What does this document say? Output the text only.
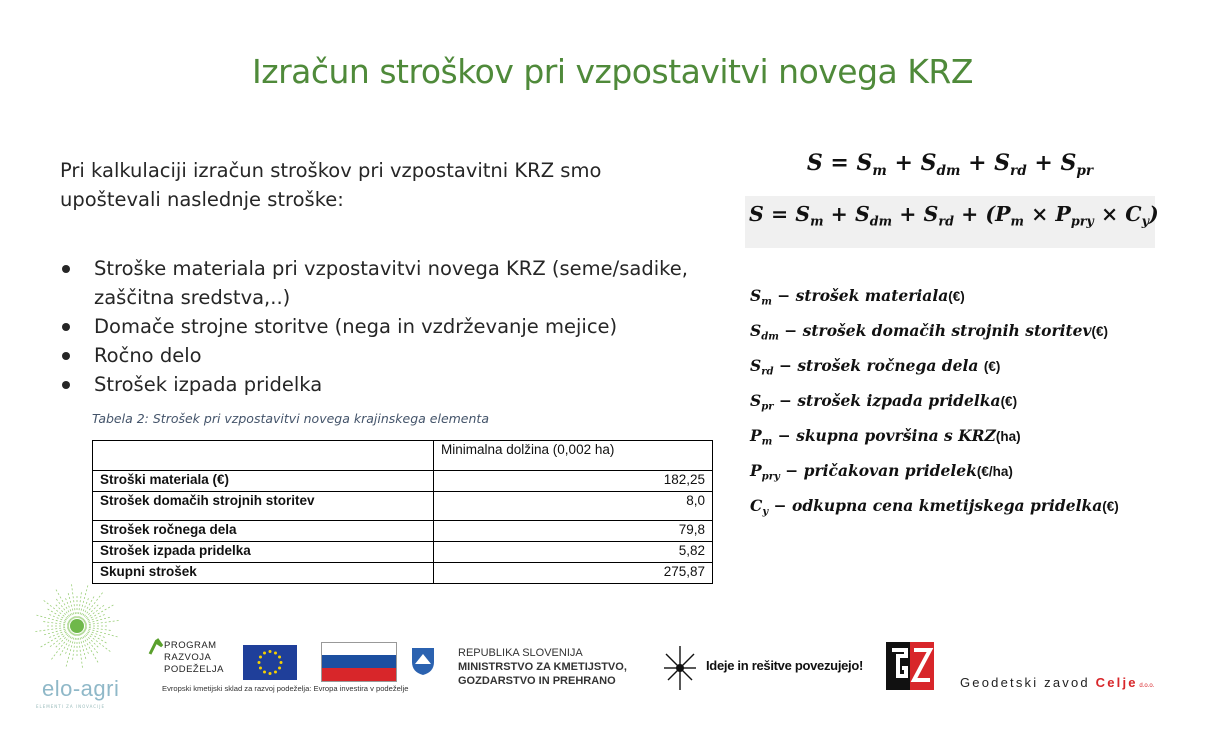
Izračun stroškov pri vzpostavitvi novega KRZ
Pri kalkulaciji izračun stroškov pri vzpostavitni KRZ smo upoštevali naslednje stroške:
Stroške materiala pri vzpostavitvi novega KRZ (seme/sadike, zaščitna sredstva,..)
Domače strojne storitve (nega in vzdrževanje mejice)
Ročno delo
Strošek izpada pridelka
Tabela 2: Strošek pri vzpostavitvi novega krajinskega elementa
	Minimalna dolžina (0,002 ha)
Stroški materiala (€)	182,25
Strošek domačih strojnih storitev	8,0
Strošek ročnega dela	79,8
Strošek izpada pridelka	5,82
Skupni strošek	275,87
$S = S_m + S_{dm} + S_{rd} + S_{pr}$
$S = S_m + S_{dm} + S_{rd} + (P_m \times P_{pry} \times C_y)$
$S_m$ − strošek materiala(€)
$S_{dm}$ − strošek domačih strojnih storitev(€)
$S_{rd}$ − strošek ročnega dela (€)
$S_{pr}$ − strošek izpada pridelka(€)
$P_m$ − skupna površina s KRZ(ha)
$P_{pry}$ − pričakovan pridelek(€/ha)
$C_y$ − odkupna cena kmetijskega pridelka(€)
elo-agri
ELEMENTI ZA INOVACIJE
PROGRAM
RAZVOJA
PODEŽELJA
Evropski kmetijski sklad za razvoj podeželja: Evropa investira v podeželje
REPUBLIKA SLOVENIJA
MINISTRSTVO ZA KMETIJSTVO,
GOZDARSTVO IN PREHRANO
Ideje in rešitve povezujejo!
Geodetski zavod Celje d.o.o.
